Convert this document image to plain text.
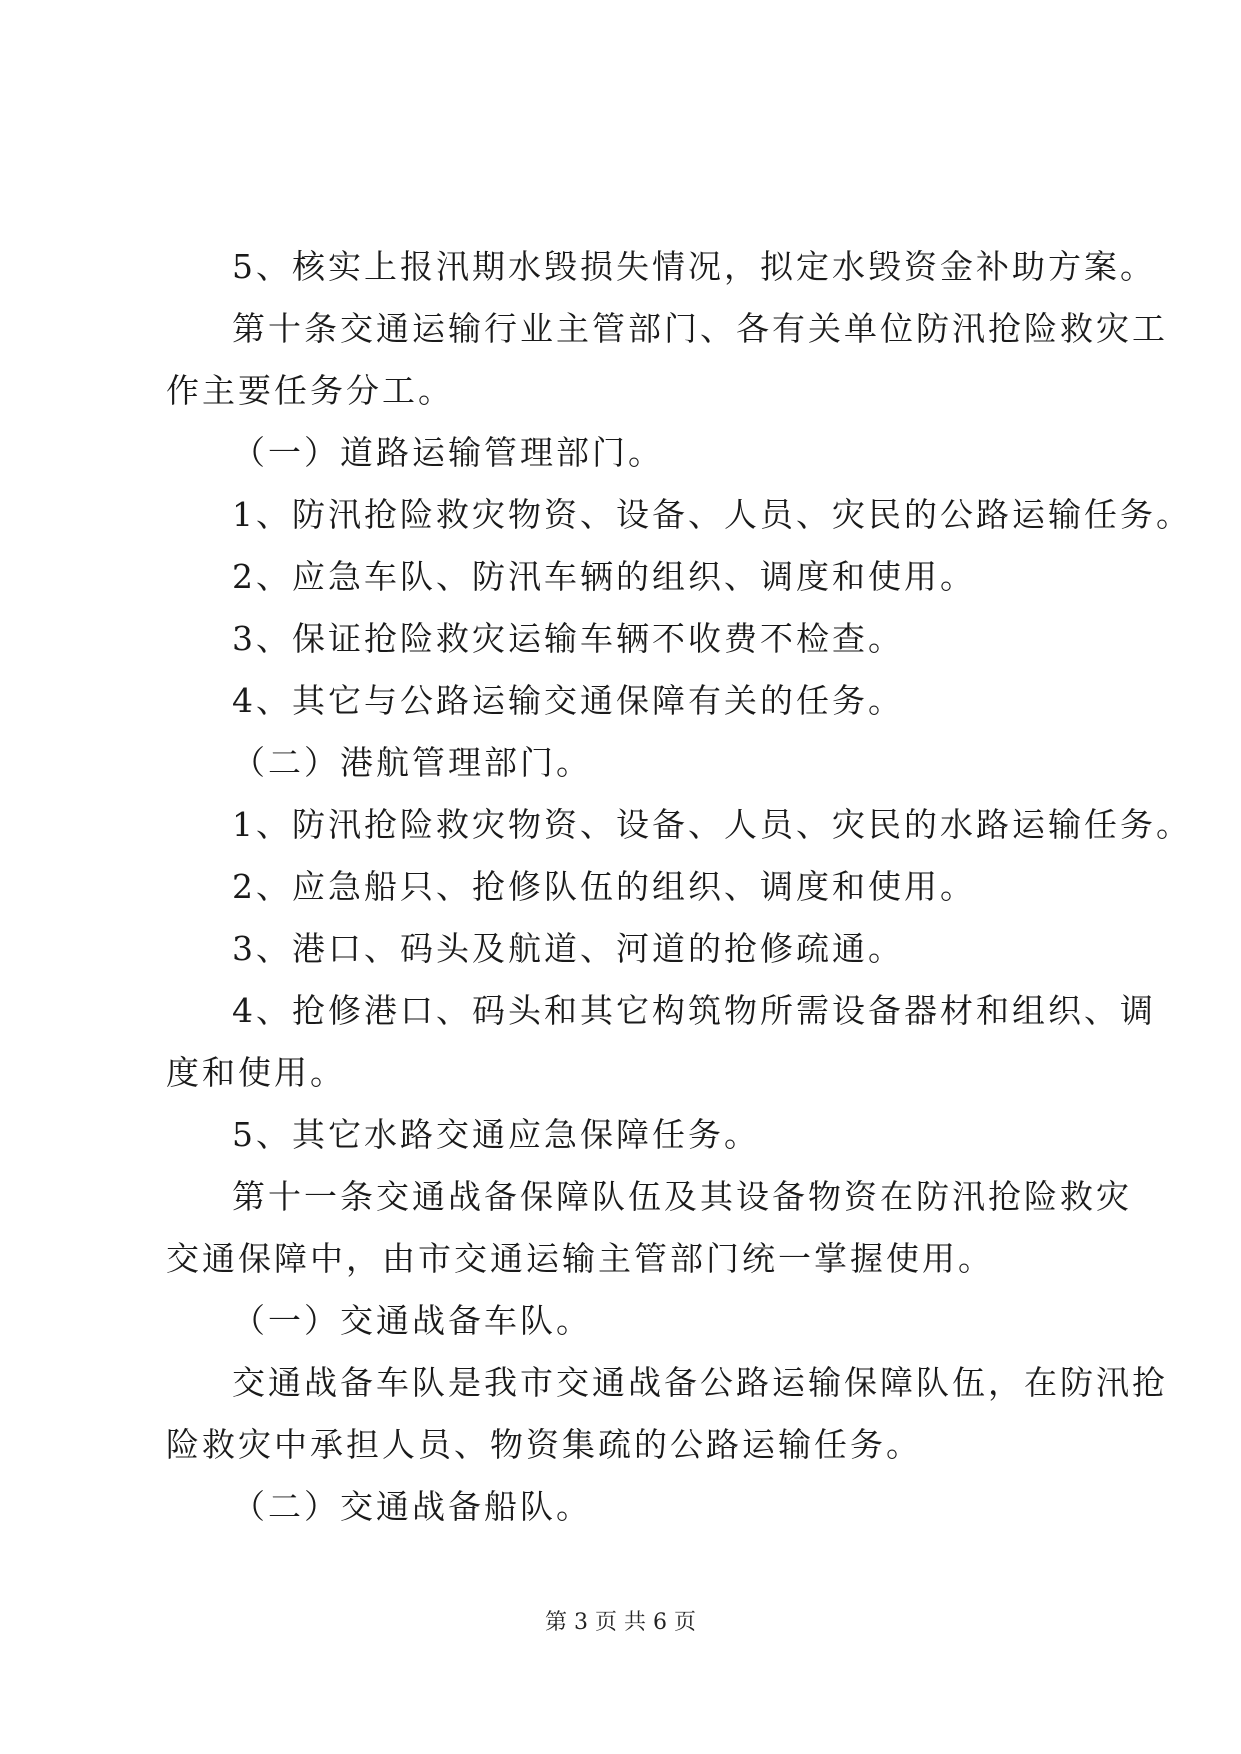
5、核实上报汛期水毁损失情况，拟定水毁资金补助方案。

第十条交通运输行业主管部门、各有关单位防汛抢险救灾工

作主要任务分工。

（一）道路运输管理部门。

1、防汛抢险救灾物资、设备、人员、灾民的公路运输任务。

2、应急车队、防汛车辆的组织、调度和使用。

3、保证抢险救灾运输车辆不收费不检查。

4、其它与公路运输交通保障有关的任务。

（二）港航管理部门。

1、防汛抢险救灾物资、设备、人员、灾民的水路运输任务。

2、应急船只、抢修队伍的组织、调度和使用。

3、港口、码头及航道、河道的抢修疏通。

4、抢修港口、码头和其它构筑物所需设备器材和组织、调

度和使用。

5、其它水路交通应急保障任务。

第十一条交通战备保障队伍及其设备物资在防汛抢险救灾

交通保障中，由市交通运输主管部门统一掌握使用。

（一）交通战备车队。

交通战备车队是我市交通战备公路运输保障队伍，在防汛抢

险救灾中承担人员、物资集疏的公路运输任务。

（二）交通战备船队。

第 3 页 共 6 页
